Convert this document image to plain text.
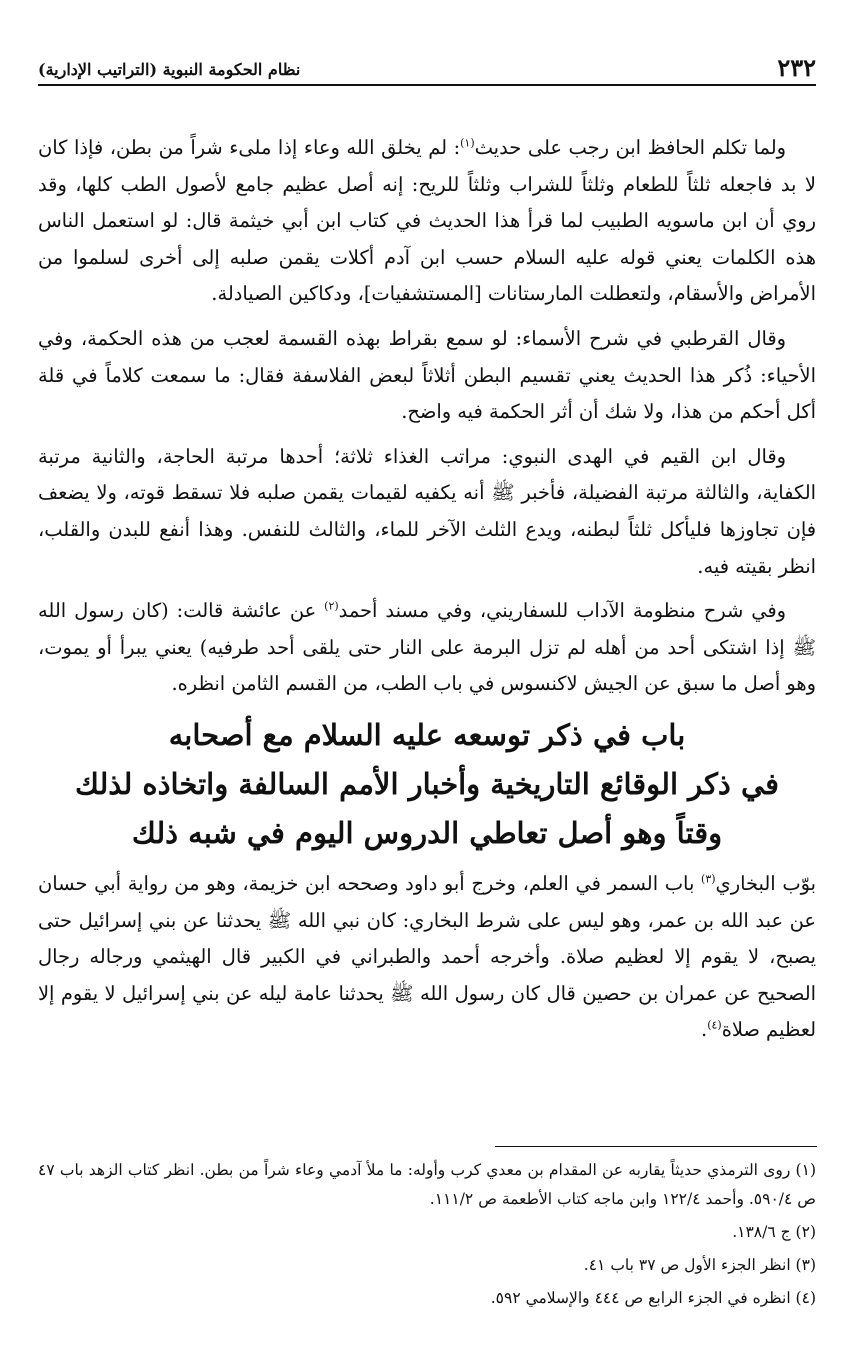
٢٣٢
نظام الحكومة النبوية (التراتيب الإدارية)

ولما تكلم الحافظ ابن رجب على حديث$^{(١)}$: لم يخلق الله وعاء إذا ملىء شراً من بطن، فإذا كان لا بد فاجعله ثلثاً للطعام وثلثاً للشراب وثلثاً للريح: إنه أصل عظيم جامع لأصول الطب كلها، وقد روي أن ابن ماسويه الطبيب لما قرأ هذا الحديث في كتاب ابن أبي خيثمة قال: لو استعمل الناس هذه الكلمات يعني قوله عليه السلام حسب ابن آدم أكلات يقمن صلبه إلى أخرى لسلموا من الأمراض والأسقام، ولتعطلت المارستانات [المستشفيات]، ودكاكين الصيادلة.

وقال القرطبي في شرح الأسماء: لو سمع بقراط بهذه القسمة لعجب من هذه الحكمة، وفي الأحياء: ذُكر هذا الحديث يعني تقسيم البطن أثلاثاً لبعض الفلاسفة فقال: ما سمعت كلاماً في قلة أكل أحكم من هذا، ولا شك أن أثر الحكمة فيه واضح.

وقال ابن القيم في الهدى النبوي: مراتب الغذاء ثلاثة؛ أحدها مرتبة الحاجة، والثانية مرتبة الكفاية، والثالثة مرتبة الفضيلة، فأخبر ﷺ أنه يكفيه لقيمات يقمن صلبه فلا تسقط قوته، ولا يضعف فإن تجاوزها فليأكل ثلثاً لبطنه، ويدع الثلث الآخر للماء، والثالث للنفس. وهذا أنفع للبدن والقلب، انظر بقيته فيه.

وفي شرح منظومة الآداب للسفاريني، وفي مسند أحمد$^{(٢)}$ عن عائشة قالت: (كان رسول الله ﷺ إذا اشتكى أحد من أهله لم تزل البرمة على النار حتى يلقى أحد طرفيه) يعني يبرأ أو يموت، وهو أصل ما سبق عن الجيش لاكنسوس في باب الطب، من القسم الثامن انظره.

باب في ذكر توسعه عليه السلام مع أصحابه
في ذكر الوقائع التاريخية وأخبار الأمم السالفة واتخاذه لذلك
وقتاً وهو أصل تعاطي الدروس اليوم في شبه ذلك

بوّب البخاري$^{(٣)}$ باب السمر في العلم، وخرج أبو داود وصححه ابن خزيمة، وهو من رواية أبي حسان عن عبد الله بن عمر، وهو ليس على شرط البخاري: كان نبي الله ﷺ يحدثنا عن بني إسرائيل حتى يصبح، لا يقوم إلا لعظيم صلاة. وأخرجه أحمد والطبراني في الكبير قال الهيثمي ورجاله رجال الصحيح عن عمران بن حصين قال كان رسول الله ﷺ يحدثنا عامة ليله عن بني إسرائيل لا يقوم إلا لعظيم صلاة$^{(٤)}$.

(١) روى الترمذي حديثاً يقاربه عن المقدام بن معدي كرب وأوله: ما ملأ آدمي وعاء شراً من بطن. انظر كتاب الزهد باب ٤٧ ص ٥٩٠/٤. وأحمد ١٢٢/٤ وابن ماجه كتاب الأطعمة ص ١١١/٢.
(٢) ج ١٣٨/٦.
(٣) انظر الجزء الأول ص ٣٧ باب ٤١.
(٤) انظره في الجزء الرابع ص ٤٤٤ والإسلامي ٥٩٢.
